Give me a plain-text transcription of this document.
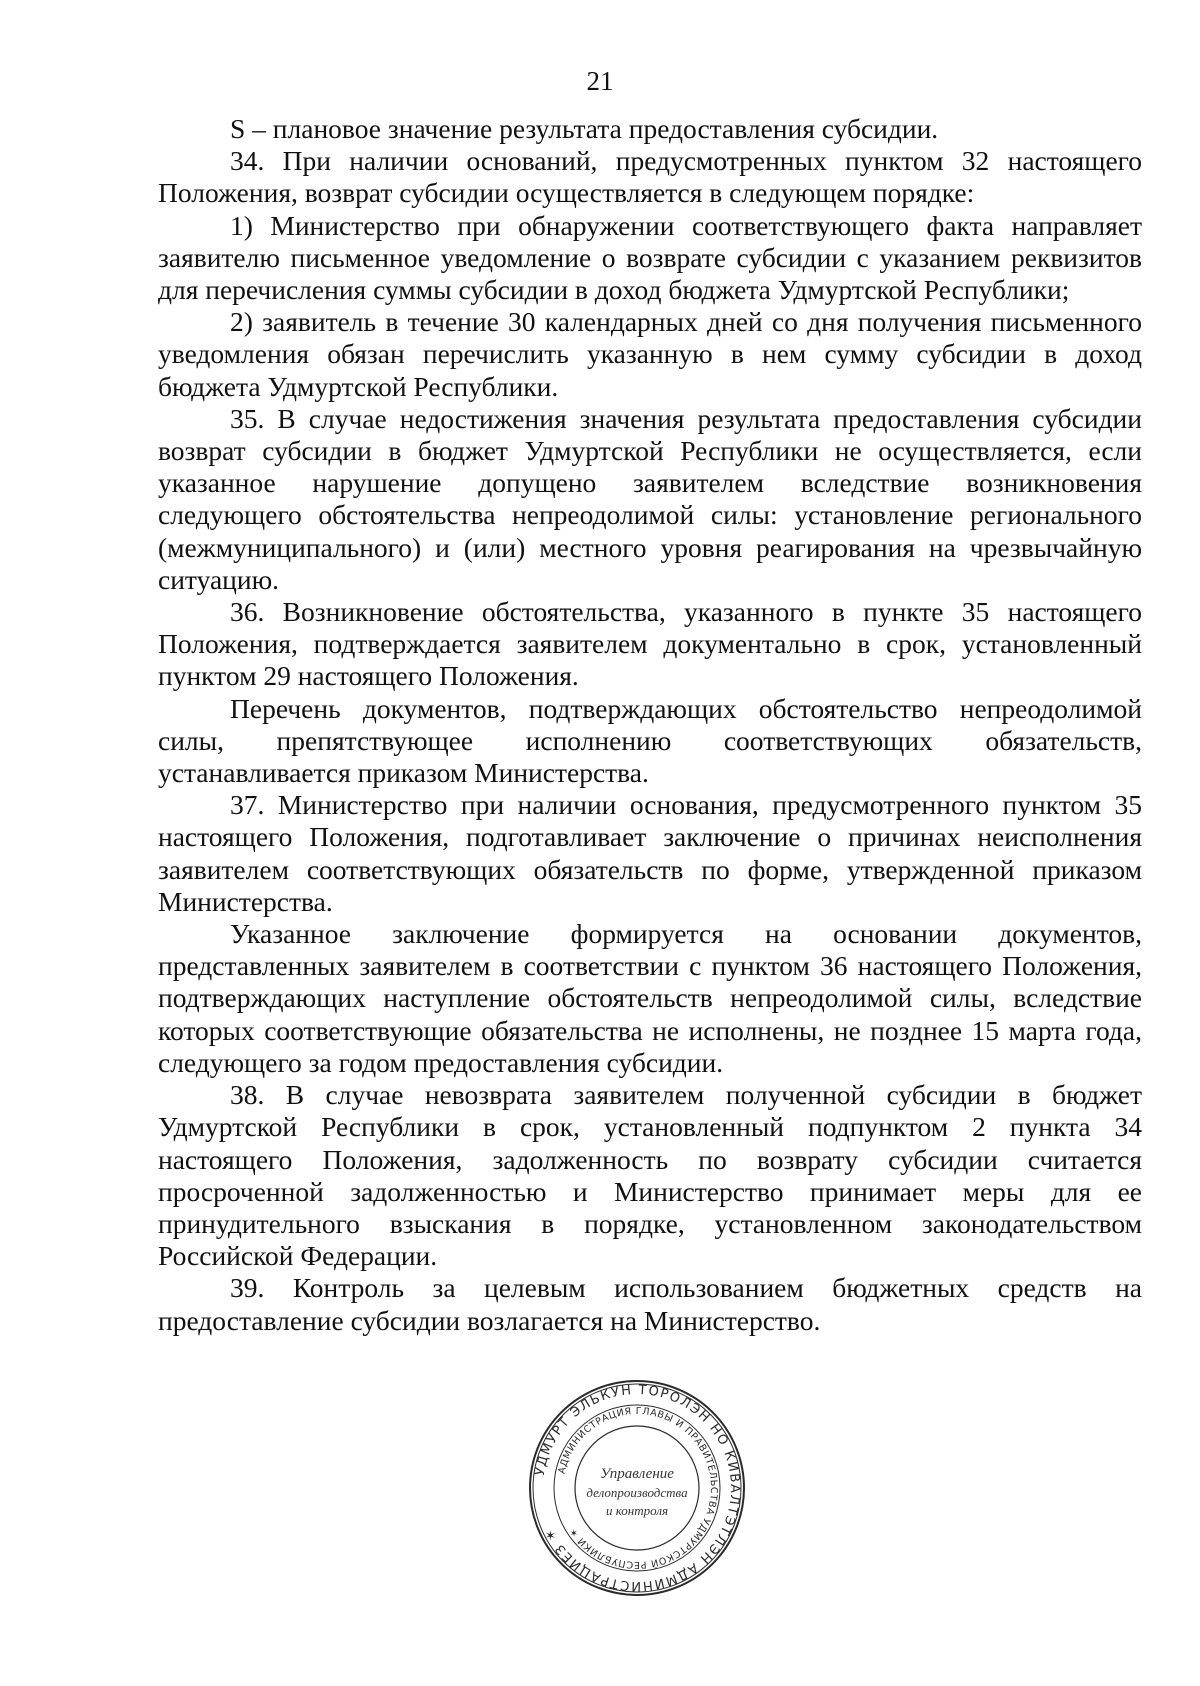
21

S – плановое значение результата предоставления субсидии.

34. При наличии оснований, предусмотренных пунктом 32 настоящего Положения, возврат субсидии осуществляется в следующем порядке:

1) Министерство при обнаружении соответствующего факта направляет заявителю письменное уведомление о возврате субсидии с указанием реквизитов для перечисления суммы субсидии в доход бюджета Удмуртской Республики;

2) заявитель в течение 30 календарных дней со дня получения письменного уведомления обязан перечислить указанную в нем сумму субсидии в доход бюджета Удмуртской Республики.

35. В случае недостижения значения результата предоставления субсидии возврат субсидии в бюджет Удмуртской Республики не осуществляется, если указанное нарушение допущено заявителем вследствие возникновения следующего обстоятельства непреодолимой силы: установление регионального (межмуниципального) и (или) местного уровня реагирования на чрезвычайную ситуацию.

36. Возникновение обстоятельства, указанного в пункте 35 настоящего Положения, подтверждается заявителем документально в срок, установленный пунктом 29 настоящего Положения.

Перечень документов, подтверждающих обстоятельство непреодолимой силы, препятствующее исполнению соответствующих обязательств, устанавливается приказом Министерства.

37. Министерство при наличии основания, предусмотренного пунктом 35 настоящего Положения, подготавливает заключение о причинах неисполнения заявителем соответствующих обязательств по форме, утвержденной приказом Министерства.

Указанное заключение формируется на основании документов, представленных заявителем в соответствии с пунктом 36 настоящего Положения, подтверждающих наступление обстоятельств непреодолимой силы, вследствие которых соответствующие обязательства не исполнены, не позднее 15 марта года, следующего за годом предоставления субсидии.

38. В случае невозврата заявителем полученной субсидии в бюджет Удмуртской Республики в срок, установленный подпунктом 2 пункта 34 настоящего Положения, задолженность по возврату субсидии считается просроченной задолженностью и Министерство принимает меры для ее принудительного взыскания в порядке, установленном законодательством Российской Федерации.

39. Контроль за целевым использованием бюджетных средств на предоставление субсидии возлагается на Министерство.

УДМУРТ ЭЛЬКУН ТОРОЛЭН НО КИВАЛТЭТЛЭН АДМИНИСТРАЦИЕЗ ✶
АДМИНИСТРАЦИЯ ГЛАВЫ И ПРАВИТЕЛЬСТВА УДМУРТСКОЙ РЕСПУБЛИКИ ✶
Управление
делопроизводства
и контроля
